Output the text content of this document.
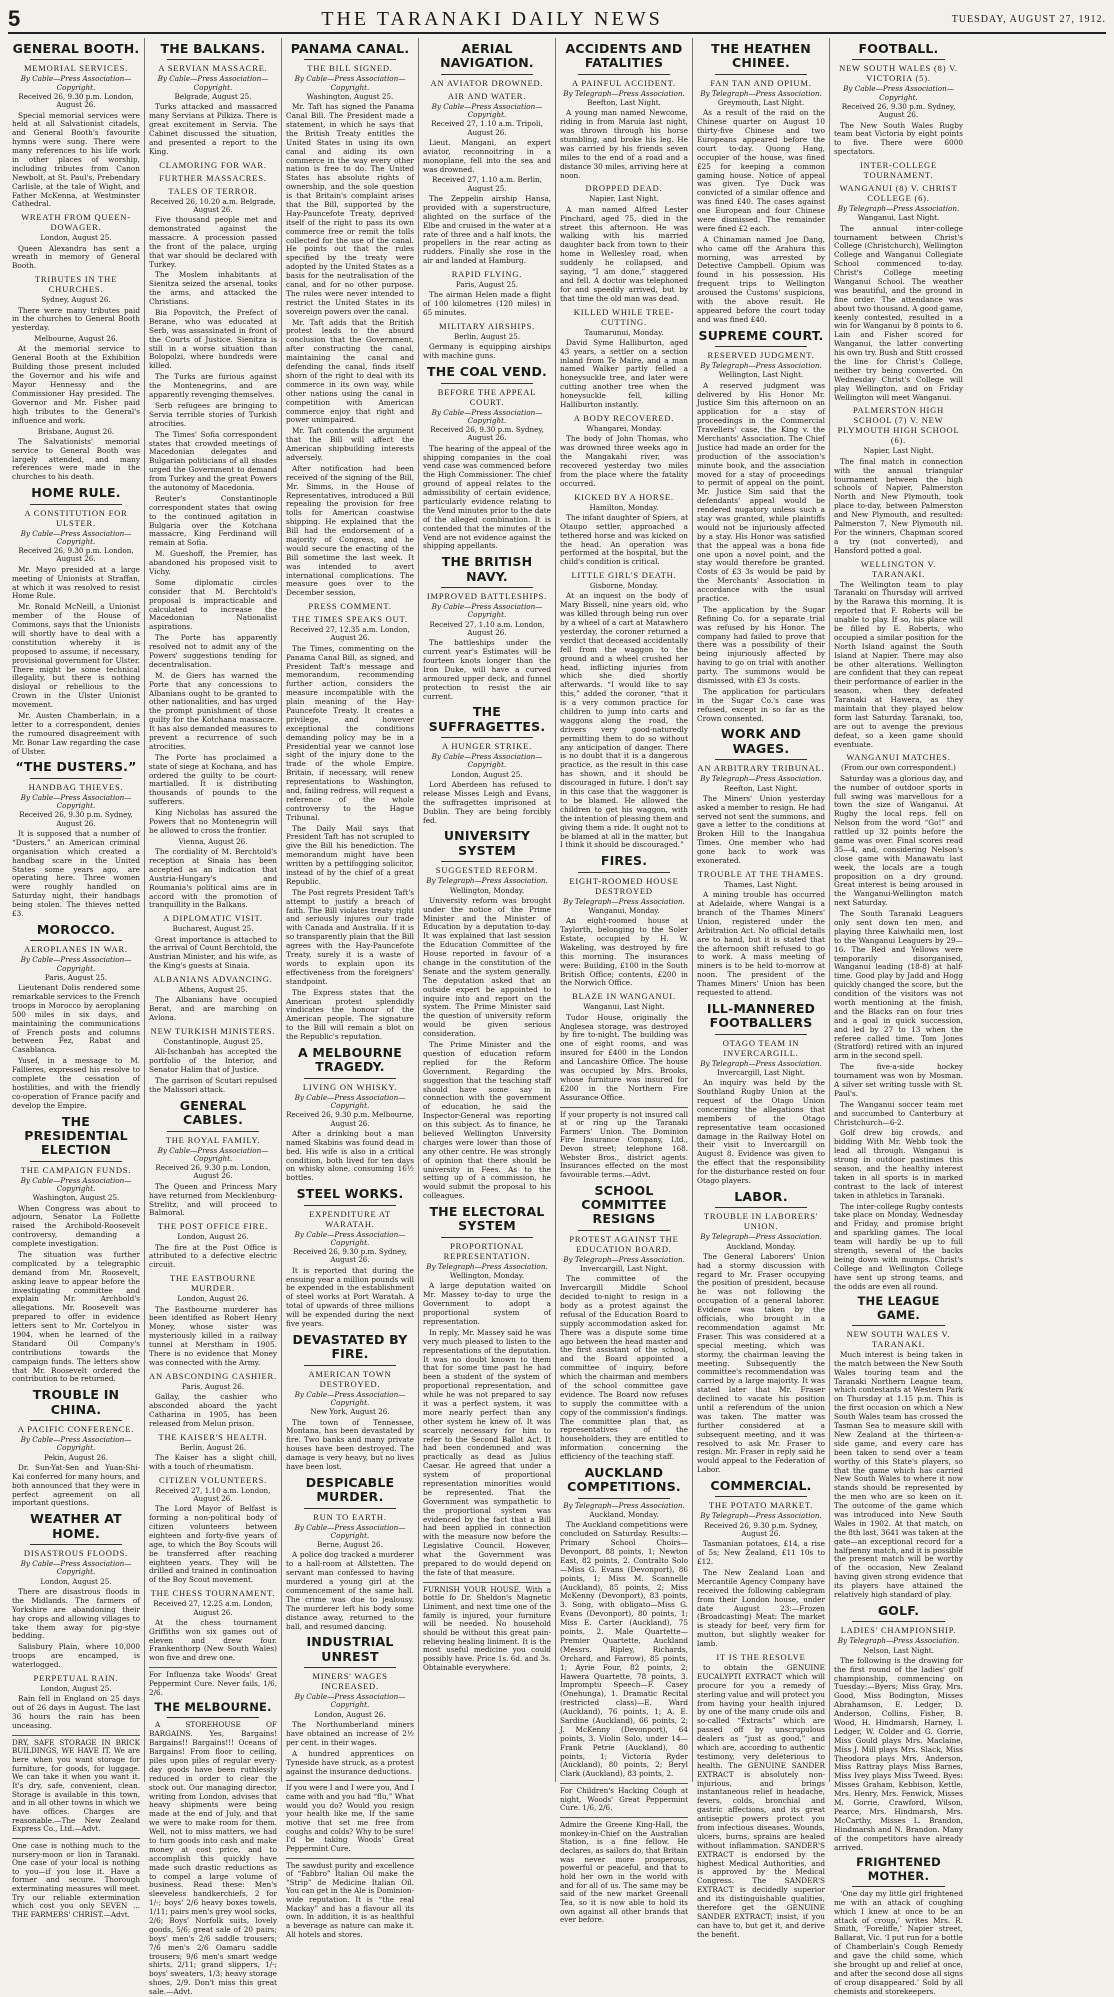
5	THE TARANAKI DAILY NEWS	TUESDAY, AUGUST 27, 1912.
GENERAL BOOTH.
MEMORIAL SERVICES.
By Cable—Press Association—Copyright.
Received 26, 9.30 p.m. London, August 26.

Special memorial services were held at all Salvationist citadels, and General Booth's favourite hymns were sung. There were many references to his life work in other places of worship, including tributes from Canon Newbolt, at St. Paul's, Prebendary Carlisle, at the tale of Wight, and Father McKenna, at Westminster Cathedral.

WREATH FROM QUEEN-DOWAGER.
London, August 25.

Queen Alexandra has sent a wreath in memory of General Booth.

TRIBUTES IN THE CHURCHES.
Sydney, August 26.

There were many tributes paid in the churches to General Booth yesterday.

Melbourne, August 26.

At the memorial service to General Booth at the Exhibition Building those present included the Governor and his wife and Mayor Hennessy and the Commissioner Hay presided. The Governor and Mr. Fisher paid high tributes to the General's influence and work.

Brisbane, August 26.

The Salvationists' memorial service to General Booth was largely attended, and many references were made in the churches to his death.

HOME RULE.
A CONSTITUTION FOR ULSTER.
By Cable—Press Association—Copyright.
Received 26, 9.30 p.m. London, August 26.

Mr. Mayo presided at a large meeting of Unionists at Straffan, at which it was resolved to resist Home Rule.

Mr. Ronald McNeill, a Unionist member of the House of Commons, says that the Unionists will shortly have to deal with a constitution whereby it is proposed to assume, if necessary, provisional government for Ulster. There might be some technical illegality, but there is nothing disloyal or rebellious to the Crown in the Ulster Unionist movement.

Mr. Austen Chamberlain, in a letter to a correspondent, denies the rumoured disagreement with Mr. Bonar Law regarding the case of Ulster.

“THE DUSTERS.”
HANDBAG THIEVES.
By Cable—Press Association—Copyright.
Received 26, 9.30 p.m. Sydney, August 26.

It is supposed that a number of “Dusters,” an American criminal organisation which created a handbag scare in the United States some years ago, are operating here. Three women were roughly handled on Saturday night, their handbags being stolen. The thieves netted £3.

MOROCCO.
AEROPLANES IN WAR.
By Cable—Press Association—Copyright.
Paris, August 25.

Lieutenant Dolis rendered some remarkable services to the French troops in Morocco by aeroplaning 500 miles in six days, and maintaining the communications of French posts and columns between Fez, Rabat and Casablanca.

Yusef, in a message to M. Fallieres, expressed his resolve to complete the cessation of hostilities, and with the friendly co-operation of France pacify and develop the Empire.

THE PRESIDENTIAL ELECTION
THE CAMPAIGN FUNDS.
By Cable—Press Association—Copyright.
Washington, August 25.

When Congress was about to adjourn, Senator La Follette raised the Archibold-Roosevelt controversy, demanding a complete investigation.

The situation was further complicated by a telegraphic demand from Mr. Roosevelt, asking leave to appear before the investigating committee and explain Mr. Archbold's allegations. Mr. Roosevelt was prepared to offer in evidence letters sent to Mr. Cortelyou in 1904, when he learned of the Standard Oil Company's contributions towards the campaign funds. The letters show that Mr. Roosevelt ordered the contribution to be returned.

TROUBLE IN CHINA.
A PACIFIC CONFERENCE.
By Cable—Press Association—Copyright.
Pekin, August 26.

Dr. Sun-Yat-Sen and Yuan-Shi-Kai conferred for many hours, and both announced that they were in perfect agreement on all important questions.

WEATHER AT HOME.
DISASTROUS FLOODS.
By Cable—Press Association—Copyright.
London, August 25.

There are disastrous floods in the Midlands. The farmers of Yorkshire are abandoning their hay crops and allowing villages to take them away for pig-stye bedding.

Salisbury Plain, where 10,000 troops are encamped, is waterlogged.

PERPETUAL RAIN.
London, August 25.

Rain fell in England on 25 days out of 26 days in August. The last 36 hours the rain has been unceasing.

DRY, SAFE STORAGE IN BRICK BUILDINGS, WE HAVE IT. We are here when you want storage for furniture, for goods, for luggage. We can take it when you want it. It's dry, safe, convenient, clean. Storage is available in this town, and in all other towns in which we have offices. Charges are reasonable.—The New Zealand Express Co., Ltd.—Advt.

One case is nothing much to the nursery-moon or lion in Taranaki. One case of your local is nothing to you—if you lose it. Have a former and secure. Thorough exterminating measures will meet. Try our reliable extermination which cost you only SEVEN ... THE FARMERS' CHRIST.—Advt.

THE BALKANS.
A SERVIAN MASSACRE.
By Cable—Press Association—Copyright.
Belgrade, August 25.

Turks attacked and massacred many Servians at Pilkiza. There is great excitement in Servia. The Cabinet discussed the situation, and presented a report to the King.

CLAMORING FOR WAR.
FURTHER MASSACRES.
TALES OF TERROR.
Received 26, 10.20 a.m. Belgrade, August 26.

Five thousand people met and demonstrated against the massacre. A procession passed the front of the palace, urging that war should be declared with Turkey.

The Moslem inhabitants at Sienitza seized the arsenal, tooks the arms, and attacked the Christians.

Bia Popovitch, the Prefect of Berane, who was educated at Serb, was assassinated in front of the Courts of Justice. Sienitza is still in a worse situation than Bolopolzi, where hundreds were killed.

The Turks are furious against the Montenegrins, and are apparently revenging themselves.

Serb refugees are bringing to Servia terrible stories of Turkish atrocities.

The Times' Sofia correspondent states that crowded meetings of Macedonian delegates and Bulgarian politicians of all shades urged the Government to demand from Turkey and the great Powers the autonomy of Macedonia.

Reuter's Constantinople correspondent states that owing to the continued agitation in Bulgaria over the Kotchana massacre, King Ferdinand will remain at Sofia.

M. Gueshoff, the Premier, has abandoned his proposed visit to Vichy.

Some diplomatic circles consider that M. Berchtold's proposal is impracticable and calculated to increase the Macedonian Nationalist aspirations.

The Porte has apparently resolved not to admit any of the Powers' suggestions tending for decentralisation.

M. de Giers has warned the Porte that any concessions to Albanians ought to be granted to other nationalities, and has urged the prompt punishment of those guilty for the Kotchana massacre. It has also demanded measures to prevent a recurrence of such atrocities.

The Porte has proclaimed a state of siege at Kochana, and has ordered the guilty to be court-martialled. It is distributing thousands of pounds to the sufferers.

King Nicholas has assured the Powers that no Montenegrin will be allowed to cross the frontier.

Vienna, August 26.

The cordiality of M. Berchtold's reception at Sinaia has been accepted as an indication that Austria-Hungary's and Roumania's political aims are in accord with the promotion of tranquillity in the Balkans.

A DIPLOMATIC VISIT.
Bucharest, August 25.

Great importance is attached to the arrival of Count Berchtold, the Austrian Minister, and his wife, as the King's guests at Sinaia.

ALBANIANS ADVANCING.
Athens, August 25.

The Albanians have occupied Berat, and are marching on Avlona.

NEW TURKISH MINISTERS.
Constantinople, August 25.

Ali-Ischanbah has accepted the portfolio of the Interior, and Senator Halim that of Justice.

The garrison of Scutari repulsed the Malissori attack.

GENERAL CABLES.
THE ROYAL FAMILY.
By Cable—Press Association—Copyright.
Received 26, 9.30 p.m. London, August 26.

The Queen and Princess Mary have returned from Mecklenburg-Strelitz, and will proceed to Balmoral.

THE POST OFFICE FIRE.
London, August 26.

The fire at the Post Office is attributed to a defective electric circuit.

THE EASTBOURNE MURDER.
London, August 26.

The Eastbourne murderer has been identified as Robert Henry Money, whose sister was mysteriously killed in a railway tunnel at Merstham in 1905. There is no evidence that Money was connected with the Army.

AN ABSCONDING CASHIER.
Paris, August 26.

Gallay, the cashier who absconded aboard the yacht Catharina in 1905, has been released from Melun prison.

THE KAISER'S HEALTH.
Berlin, August 26.

The Kaiser has a slight chill, with a touch of rheumatism.

CITIZEN VOLUNTEERS.
Received 27, 1.10 a.m. London, August 26.

The Lord Mayor of Belfast is forming a non-political body of citizen volunteers between eighteen and forty-five years of age, to which the Boy Scouts will be transferred after reaching eighteen years. They will be drilled and trained in continuation of the Boy Scout movement.

THE CHESS TOURNAMENT.
Received 27, 12.25 a.m. London, August 26.

At the chess tournament Griffiths won six games out of eleven and drew four. Frankenthorp (New South Wales) won five and drew one.

For Influenza take Woods' Great Peppermint Cure. Never fails, 1/6, 2/6.

THE MELBOURNE.

A STOREHOUSE OF BARGAINS. Yes, Bargains! Bargains!! Bargains!!! Oceans of Bargains! From floor to ceiling, piles upon piles of regular every-day goods have been ruthlessly reduced in order to clear the stock out. Our managing director, writing from London, advises that heavy shipments were being made at the end of July, and that we were to make room for them. Well, not to miss matters, we had to turn goods into cash and make money at cost price, and to accomplish this quickly have made such drastic reductions as to compel a large volume of business. Read these: Men's sleeveless handkerchiefs, 2 for 1/-; boys' 2/6 heavy boxes towels, 1/11; pairs men's grey wool socks, 2/6; Boys' Norfolk suits, lovely goods, 5/6; great sale of 20 pairs; boys' men's 2/6 saddle trousers; 7/6 men's 2/6 Oamaru saddle trousers; 9/6 men's smart wedge shirts, 2/11; grand slippers, 1/-; boys' sweaters, 1/3; heavy storage shoes, 2/9. Don't miss this great sale.—Advt.

PANAMA CANAL.
THE BILL SIGNED.
By Cable—Press Association—Copyright.
Washington, August 25.

Mr. Taft has signed the Panama Canal Bill. The President made a statement, in which he says that the British Treaty entitles the United States in using its own canal and aiding its own commerce in the way every other nation is free to do. The United States has absolute rights of ownership, and the sole question is that Britain's complaint arises that the Bill, supported by the Hay-Pauncefote Treaty, deprived itself of the right to pass its own commerce free or remit the tolls collected for the use of the canal. He points out that the rules specified by the treaty were adopted by the United States as a basis for the neutralisation of the canal, and for no other purpose. The rules were never intended to restrict the United States in its sovereign powers over the canal.

Mr. Taft adds that the British protest leads to the absurd conclusion that the Government, after constructing the canal, maintaining the canal and defending the canal, finds itself shorn of the right to deal with its commerce in its own way, while other nations using the canal in competition with American commerce enjoy that right and power unimpaired.

Mr. Taft contends the argument that the Bill will affect the American shipbuilding interests adversely.

After notification had been received of the signing of the Bill, Mr. Simms, in the House of Representatives, introduced a Bill repealing the provision for free tolls for American coastwise shipping. He explained that the Bill had the endorsement of a majority of Congress, and he would secure the enacting of the Bill sometime the last week. It was intended to avert international complications. The measure goes over to the December session.

PRESS COMMENT.
THE TIMES SPEAKS OUT.
Received 27, 12.35 a.m. London, August 26.

The Times, commenting on the Panama Canal Bill, as signed, and President Taft's message and memorandum, recommending further action, considers the measure incompatible with the plain meaning of the Hay-Pauncefote Treaty. It creates a privilege, and however exceptional the conditions demanding policy may be in a Presidential year we cannot lose sight of the injury done to the trade of the whole Empire. Britain, if necessary, will renew representations to Washington, and, failing redress, will request a reference of the whole controversy to the Hague Tribunal.

The Daily Mail says that President Taft has not scrupled to give the Bill his benediction. The memorandum might have been written by a pettifogging solicitor, instead of by the chief of a great Republic.

The Post regrets President Taft's attempt to justify a breach of faith. The Bill violates treaty right and seriously injures our trade with Canada and Australia. If it is so transparently plain that the Bill agrees with the Hay-Pauncefote Treaty, surely it is a waste of words to explain upon its effectiveness from the foreigners' standpoint.

The Express states that the American protest splendidly vindicates the honour of the American people. The signature to the Bill will remain a blot on the Republic's reputation.

A MELBOURNE TRAGEDY.
LIVING ON WHISKY.
By Cable—Press Association—Copyright.
Received 26, 9.30 p.m. Melbourne, August 26.

After a drinking bout a man named Skabins was found dead in bed. His wife is also in a critical condition, both lived for ten days on whisky alone, consuming 16½ bottles.

STEEL WORKS.
EXPENDITURE AT WARATAH.
By Cable—Press Association—Copyright.
Received 26, 9.30 p.m. Sydney, August 26.

It is reported that during the ensuing year a million pounds will be expended in the establishment of steel works at Port Waratah. A total of upwards of three millions will be expended during the next five years.

DEVASTATED BY FIRE.
AMERICAN TOWN DESTROYED.
By Cable—Press Association—Copyright.
New York, August 26.

The town of Tennessee, Montana, has been devastated by fire. Two banks and many private houses have been destroyed. The damage is very heavy, but no lives have been lost.

DESPICABLE MURDER.
RUN TO EARTH.
By Cable—Press Association—Copyright.
Berne, August 26.

A police dog tracked a murderer to a hall-room at Allstetten. The servant man confessed to having murdered a young girl at the commencement of the same hall. The crime was due to jealousy. The murderer left his body some distance away, returned to the ball, and resumed dancing.

INDUSTRIAL UNREST
MINERS' WAGES INCREASED.
By Cable—Press Association—Copyright.
London, August 26.

The Northumberland miners have obtained an increase of 2½ per cent. in their wages.

A hundred apprentices on Tyneside have struck, as a protest against the insurance deductions.

If you were I and I were you, And I came with and you had “flu,” What would you do? Would you resign your health like me, If the same motive that set me free from coughs and colds? Why to be sure! I'd be taking Woods' Great Peppermint Cure.

The sawdust purity and excellence of “Fabbro” Italian Oil make the “Strip” de Medicine Italian Oil. You can get in the Ale is Dominion-wide reputation. It is “the real Mackay” and has a flavour all its own. In addition, it is as healthful a beverage as nature can make it. All hotels and stores.

AERIAL NAVIGATION.
AN AVIATOR DROWNED.
AIR AND WATER.
By Cable—Press Association—Copyright.
Received 27, 1.10 a.m. Tripoli, August 26.

Lieut. Mangani, an expert aviator, reconnoitring in a monoplane, fell into the sea and was drowned.

Received 27, 1.10 a.m. Berlin, August 25.

The Zeppelin airship Hansa, provided with a superstructure, alighted on the surface of the Elbe and cruised in the water at a rate of three and a half knots, the propellers in the rear acting as rudders. Finally she rose in the air and landed at Hamburg.

RAPID FLYING.
Paris, August 25.

The airman Helen made a flight of 100 kilometres (120 miles) in 65 minutes.

MILITARY AIRSHIPS.
Berlin, August 25.

Germany is equipping airships with machine guns.

THE COAL VEND.
BEFORE THE APPEAL COURT.
By Cable—Press Association—Copyright.
Received 26, 9.30 p.m. Sydney, August 26.

The hearing of the appeal of the shipping companies in the coal vend case was commenced before the High Commissioner. The chief ground of appeal relates to the admissibility of certain evidence, particularly evidence relating to the Vend minutes prior to the date of the alleged combination. It is contended that the minutes of the Vend are not evidence against the shipping appellants.

THE BRITISH NAVY.
IMPROVED BATTLESHIPS.
By Cable—Press Association—Copyright.
Received 27, 1.10 a.m. London, August 26.

The battleships under the current year's Estimates will be fourteen knots longer than the Iron Duke, will have a curved armoured upper deck, and funnel protection to resist the air current.

THE SUFFRAGETTES.
A HUNGER STRIKE.
By Cable—Press Association—Copyright.
London, August 25.

Lord Aberdeen has refused to release Misses Leigh and Evans, the suffragettes imprisoned at Dublin. They are being forcibly fed.

UNIVERSITY SYSTEM
SUGGESTED REFORM.
By Telegraph—Press Association.
Wellington, Monday.

University reform was brought under the notice of the Prime Minister and the Minister of Education by a deputation to-day. It was explained that last session the Education Committee of the House reported in favour of a change in the constitution of the Senate and the system generally. The deputation asked that an outside expert be appointed to inquire into and report on the system. The Prime Minister said the question of university reform would be given serious consideration.

The Prime Minister and the question of education reform replied for the Reform Government. Regarding the suggestion that the teaching staff should have some say in connection with the government of education, he said the Inspector-General was reporting on this subject. As to finance, he believed Wellington University charges were lower than those of any other centre. He was strongly of opinion that there should be university in Fees. As to the setting up of a commission, he would submit the proposal to his colleagues.

THE ELECTORAL SYSTEM
PROPORTIONAL REPRESENTATION.
By Telegraph—Press Association.
Wellington, Monday.

A large deputation waited on Mr. Massey to-day to urge the Government to adopt a proportional system of representation.

In reply, Mr. Massey said he was very much pleased to listen to the representations of the deputation. It was no doubt known to them that for some time past he had been a student of the system of proportional representation, and while he was not prepared to say it was a perfect system, it was more nearly perfect than any other system he knew of. It was scarcely necessary for him to refer to the Second Ballot Act. It had been condemned and was practically as dead as Julius Caesar. He agreed that under a system of proportional representation minorities would be represented. That the Government was sympathetic to the proportional system was evidenced by the fact that a Bill had been applied in connection with the measure now before the Legislative Council. However, what the Government was prepared to do would depend on the fate of that measure.

FURNISH YOUR HOUSE. With a bottle fo Dr. Sheldon's Magnetic Liniment, and next time one of the family is injured, your furniture will be needed. No household should be without this great pain-relieving healing liniment. It is the most useful medicine you could possibly have. Price 1s. 6d. and 3s. Obtainable everywhere.

ACCIDENTS AND FATALITIES
A PAINFUL ACCIDENT.
By Telegraph—Press Association.
Beefton, Last Night.

A young man named Newcome, riding in from Maruia last night, was thrown through his horse stumbling, and broke his leg. He was carried by his friends seven miles to the end of a road and a distance 30 miles, arriving here at noon.

DROPPED DEAD.
Napier, Last Night.

A man named Alfred Lester Pinchard, aged 75, died in the street this afternoon. He was walking with his married daughter back from town to their home in Wellesley road, when suddenly he collapsed, and saying, “I am done,” staggered and fell. A doctor was telephoned for and speedily arrived, but by that time the old man was dead.

KILLED WHILE TREE-CUTTING.
Taumarunui, Monday.

David Syme Halliburton, aged 43 years, a settler on a section inland from Te Maire, and a man named Walker partly felled a honeysuckle tree, and later were cutting another tree when the honeysuckle fell, killing Halliburton instantly.

A BODY RECOVERED.
Whangarei, Monday.

The body of John Thomas, who was drowned three weeks ago in the Mangakahi river, was recovered yesterday two miles from the place where the fatality occurred.

KICKED BY A HORSE.
Hamilton, Monday.

The infant daughter of Spiers, at Otaupo settler, approached a tethered horse and was kicked on the head. An operation was performed at the hospital, but the child's condition is critical.

LITTLE GIRL'S DEATH.
Gisborne, Monday.

At an inquest on the body of Mary Bissell, nine years old, who was killed through being run over by a wheel of a cart at Matawhero yesterday, the coroner returned a verdict that deceased accidentally fell from the waggon to the ground and a wheel crushed her head, inflicting injuries from which she died shortly afterwards. “I would like to say this,” added the coroner, “that it is a very common practice for children to jump into carts and waggons along the road, the drivers very good-naturedly permitting them to do so without any anticipation of danger. There is no doubt that it is a dangerous practice, as the result in this case has shown, and it should be discouraged in future. I don't say in this case that the waggoner is to be blamed. He allowed the children to get his waggon, with the intention of pleasing them and giving them a ride. It ought not to be blamed at all in the matter, but I think it should be discouraged.”

FIRES.
EIGHT-ROOMED HOUSE DESTROYED
By Telegraph—Press Association.
Wanganui, Monday.

An eight-roomed house at Taylorth, belonging to the Soler Estate, occupied by H. W. Wakeling, was destroyed by fire this morning. The insurances were: Building, £100 in the South British Office; contents, £200 in the Norwich Office.

BLAZE IN WANGANUI.
Wanganui, Last Night.

Tudor House, originally the Anglesea storage, was destroyed by fire to-night. The building was one of eight rooms, and was insured for £400 in the London and Lancashire Office. The house was occupied by Mrs. Brooks, whose furniture was insured for £200 in the Northern Fire Assurance Office.

If your property is not insured call at or ring up the Taranaki Farmers' Union. The Dominion Fire Insurance Company, Ltd., Devon street; telephone 168. Webster Bros., district agents. Insurances effected on the most favourable terms.—Advt.

SCHOOL COMMITTEE RESIGNS
PROTEST AGAINST THE EDUCATION BOARD.
By Telegraph—Press Association.
Invercargill, Last Night.

The committee of the Invercargill Middle School decided to-night to resign in a body as a protest against the refusal of the Education Board to supply accommodation asked for. There was a dispute some time ago between the head master and the first assistant of the school, and the Board appointed a committee of inquiry, before which the chairman and members of the school committee gave evidence. The Board now refuses to supply the committee with a copy of the commission's findings. The committee plan that, as representatives of the householders, they are entitled to information concerning the efficiency of the teaching staff.

AUCKLAND COMPETITIONS.
By Telegraph—Press Association.
Auckland, Monday.

The Auckland competitions were concluded on Saturday. Results:— Primary School Choirs—Devonport, 88 points, 1; Newton East, 82 points, 2. Contralto Solo—Miss G. Evans (Devonport), 86 points, 1; Miss M. Scannelle (Auckland), 85 points, 2; Miss McKenny (Devonport), 83 points, 3. Song, with obligato—Miss G. Evans (Devonport), 80 points, 1; Miss E. Carter (Auckland), 75 points, 2. Male Quartette—Premier Quartette, Auckland (Messrs. Ripley, Richards, Orchard, and Farrow), 85 points, 1; Ayrie Four, 82 points, 2; Hawera Quartette, 78 points, 3. Impromptu Speech—F. Casey (Onehunga), 1. Dramatic Recital (restricted class)—E. Ward (Auckland), 76 points, 1; A. E. Sardine (Auckland), 66 points, 2; J. McKenny (Devonport), 64 points, 3. Violin Solo, under 14—Frank Petrie (Auckland), 80 points, 1; Victoria Ryder (Auckland), 80 points, 2; Beryl Clark (Auckland), 83 points, 2.

For Children's Hacking Cough at night, Woods' Great Peppermint Cure. 1/6, 2/6.

Admire the Greene King-Hall, the monkey-in-Chief on the Australian Station, is a fine fellow. He declares, as sailors do, that Britain was never more prosperous, powerful or peaceful, and that to hold her own in the world with and for all of us. The same may be said of the new market Greenall Tea, so it is now able to hold its own against all other brands that ever before.

THE HEATHEN CHINEE.
FAN TAN AND OPIUM.
By Telegraph—Press Association.
Greymouth, Last Night.

As a result of the raid on the Chinese quarter on August 10 thirty-five Chinese and two Europeans appeared before the court to-day. Quong Hang, occupier of the house, was fined £25 for keeping a common gaming house. Notice of appeal was given. Tye Duck was convicted of a similar offence and was fined £40. The cases against one European and four Chinese were dismissed. The remainder were fined £2 each.

A Chinaman named Joe Dang, who came off the Arahura this morning, was arrested by Detective Campbell. Opium was found in his possession. His frequent trips to Wellington aroused the Customs' suspicions, with the above result. He appeared before the court today and was fined £40.

SUPREME COURT.
RESERVED JUDGMENT.
By Telegraph—Press Association.
Wellington, Last Night.

A reserved judgment was delivered by His Honor Mr. Justice Sim this afternoon on an application for a stay of proceedings in the Commercial Travellers' case, the King v. the Merchants' Association. The Chief Justice had made an order for the production of the association's minute book, and the association moved for a stay of proceedings to permit of appeal on the point. Mr. Justice Sim said that the defendants' appeal would be rendered nugatory unless such a stay was granted, while plaintiffs would not be injuriously affected by a stay. His Honor was satisfied that the appeal was a bona fide one upon a novel point, and the stay would therefore be granted. Costs of £3 3s would be paid by the Merchants' Association in accordance with the usual practice.

The application by the Sugar Refining Co. for a separate trial was refused by his Honor. The company had failed to prove that there was a possibility of their being injuriously affected by having to go on trial with another party. The summons would be dismissed, with £3 3s costs.

The application for particulars in the Sugar Co.'s case was refused, except in so far as the Crown consented.

WORK AND WAGES.
AN ARBITRARY TRIBUNAL.
By Telegraph—Press Association.
Reefton, Last Night.

The Miners' Union yesterday asked a member to resign. He had served not sent the summons, and gave a letter to the conditions at Broken Hill to the Inangahua Times. One member who had gone back to work was exonerated.

TROUBLE AT THE THAMES.
Thames, Last Night.

A mining trouble has occurred at Adelaide, where Wangai is a branch of the Thames Miners' Union, registered under the Arbitration Act. No official details are to hand, but it is stated that the afternoon shift refused to go to work. A mass meeting of miners is to be held to-morrow at noon. The president of the Thames Miners' Union has been requested to attend.

ILL-MANNERED FOOTBALLERS
OTAGO TEAM IN INVERCARGILL.
By Telegraph—Press Association.
Invercargill, Last Night.

An inquiry was held by the Southland Rugby Union at the request of the Otago Union concerning the allegations that members of the Otago representative team occasioned damage in the Railway Hotel on their visit to Invercargill on August 8. Evidence was given to the effect that the responsibility for the disturbance rested on four Otago players.

LABOR.
TROUBLE IN LABORERS' UNION.
By Telegraph—Press Association.
Auckland, Monday.

The General Laborers' Union had a stormy discussion with regard to Mr. Fraser occupying the position of president, because he was not following the occupation of a general laborer. Evidence was taken by the officials, who brought in a recommendation against Mr. Fraser. This was considered at a special meeting, which was stormy, the chairman leaving the meeting. Subsequently the committee's recommendation was carried by a large majority. It was stated later that Mr. Fraser declined to vacate his position until a referendum of the union was taken. The matter was further considered at a subsequent meeting, and it was resolved to ask Mr. Fraser to resign. Mr. Fraser in reply said he would appeal to the Federation of Labor.

COMMERCIAL.
THE POTATO MARKET.
By Telegraph—Press Association.
Received 26, 9.30 p.m. Sydney, August 26.

Tasmanian potatoes, £14, a rise of 5s; New Zealand, £11 10s to £12.

The New Zealand Loan and Mercantile Agency Company have received the following cablegram from their London house, under date August 23:—Frozen (Broadcasting) Meat: The market is steady for beef, very firm for mutton, but slightly weaker for lamb.

IT IS THE RESOLVE

to obtain the GENUINE EUCALYPTI EXTRACT which will procure for you a remedy of sterling value and will protect you from having your health injured by one of the many crude oils and so-called “Extracts” which are passed off by unscrupulous dealers as “just as good,” and which are, according to authentic testimony, very deleterious to health. The GENUINE SANDER EXTRACT is absolutely non-injurious, and brings instantaneous relief in headache, fevers, colds, bronchial and gastric affections, and its great antiseptic powers protect you from infectious diseases. Wounds, ulcers, burns, sprains are healed without inflammation. SANDER'S EXTRACT is endorsed by the highest Medical Authorities, and is approved by the Medical Congress. The SANDER'S EXTRACT is decidedly superior and its distinguishable qualities, therefore get the GENUINE SANDER EXTRACT; insist, if you can have to, but get it, and derive the benefit.

FOOTBALL.
NEW SOUTH WALES (8) V. VICTORIA (5).
By Cable—Press Association—Copyright.
Received 26, 9.30 p.m. Sydney, August 26.

The New South Wales Rugby team beat Victoria by eight points to five. There were 6000 spectators.

INTER-COLLEGE TOURNAMENT.
WANGANUI (8) V. CHRIST COLLEGE (6).
By Telegraph—Press Association.
Wanganui, Last Night.

The annual inter-college tournament between Christ's College (Christchurch), Wellington College and Wanganui Collegiate School commenced to-day. Christ's College meeting Wanganui School. The weather was beautiful, and the ground in fine order. The attendance was about two thousand. A good game, keenly contested, resulted in a win for Wanganui by 8 points to 6. Lain and Fisher scored for Wanganui, the latter converting his own try. Bush and Stitt crossed the line for Christ's College, neither try being converted. On Wednesday Christ's College will play Wellington, and on Friday Wellington will meet Wanganui.

PALMERSTON HIGH SCHOOL (7) V. NEW PLYMOUTH HIGH SCHOOL (6).
Napier, Last Night.

The final match in connection with the annual triangular tournament between the high schools of Napier, Palmerston North and New Plymouth, took place to-day, between Palmerston and New Plymouth, and resulted: Palmerston 7, New Plymouth nil. For the winners, Chapman scored a try (not converted), and Hansford potted a goal.

WELLINGTON V. TARANAKI.

The Wellington team to play Taranaki on Thursday will arrived by the Rarawa this morning. It is reported that F. Roberts will be unable to play. If so, his place will be filled by E. Roberts, who occupied a similar position for the North Island against the South Island at Napier. There may also be other alterations. Wellington are confident that they can repeat their performance of earlier in the season, when they defeated Taranaki at Hawera, as they maintain that they played below form last Saturday. Taranaki, too, are out to avenge the previous defeat, so a keen game should eventuate.

WANGANUI MATCHES.
(From our own correspondent.)

Saturday was a glorious day, and the number of outdoor sports in full swing was marvellous for a town the size of Wanganui. At Rugby the local reps. fell on Nelson from the word “Go!” and rattled up 32 points before the game was over. Final scores read 35—4, and, considering Nelson's close game with Manawatu last week, the locals are a tough proposition on a dry ground. Great interest is being aroused in the Wanganui-Wellington match next Saturday.

The South Taranaki Leaguers only sent down ten men, and playing three Kaiwhaiki men, lost to the Wanganui Leaguers by 29—16. The Red and Yellows were temporarily disorganised, Wanganui leading (18-8) at half-time. Good play by Jadd and Hogg quickly changed the score, but the condition of the visitors was not worth mentioning at the finish, and the Blacks ran on four tries and a goal in quick succession, and led by 27 to 13 when the referee called time. Tom Jones (Stratford) retired with an injured arm in the second spell.

The five-a-side hockey tournament was won by Mosman. A silver set writing tussle with St. Paul's.

The Wanganui soccer team met and succumbed to Canterbury at Christchurch—6-2.

Golf drew big crowds, and bidding With Mr. Webb took the lead all through. Wanganui is strong in outdoor pastimes this season, and the healthy interest taken in all sports is in marked contrast to the lack of interest taken in athletics in Taranaki.

The inter-college Rugby contests take place on Monday, Wednesday and Friday, and promise bright and sparkling games. The local team will hardly be up to full strength, several of the backs being down with mumps. Christ's College and Wellington College have sent up strong teams, and the odds are even all round.

THE LEAGUE GAME.
NEW SOUTH WALES V. TARANAKI.

Much interest is being taken in the match between the New South Wales touring team and the Taranaki Northern League team, which contestants at Western Park on Thursday at 1.15 p.m. This is the first occasion on which a New South Wales team has crossed the Tasman Sea to measure skill with New Zealand at the thirteen-a-side game, and every care has been taken to send over a team worthy of this State's players, so that the game which has carried New South Wales to where it now stands should be represented by the men who are so keen on it. The outcome of the game which was introduced into New South Wales in 1902. At that match, on the 8th last, 3641 was taken at the gate—an exceptional record for a halfpenny match, and it is possible the present match will be worthy of the occasion, New Zealand having given strong evidence that its players have attained the relatively high standard of play.

GOLF.
LADIES' CHAMPIONSHIP.
By Telegraph—Press Association.
Nelson, Last Night.

The following is the drawing for the first round of the ladies' golf championship, commencing on Tuesday:—Byers; Miss Gray, Mrs. Good, Miss Bodington, Misses Abrahamson, E. Ledger, D. Anderson, Collins, Fisher, B. Wood, H. Hindmarsh, Harney, I. Ledger, W. Colder and G. Gorrie, Miss Gould plays Mrs. Maclaine, Miss J. Mill plays Mrs. Slack, Miss Theodora plays Mrs. Anderson, Miss Rattray plays Miss Barnes, Miss Ivey plays Miss Tweed. Byes: Misses Graham, Kebbison, Kettle, Mrs. Henry, Mrs. Fenwick, Misses M. Gorrie, Crawford, Wilson, Pearce, Mrs. Hindmarsh, Mrs. McCarthy, Misses L. Brandon, Hindmarsh and N. Brandon. Many of the competitors have already arrived.

FRIGHTENED MOTHER.

‘One day my little girl frightened me with an attack of coughing which I knew at once to be an attack of croup,’ writes Mrs. R. Smith, ‘Foreliffe,’ Napier street, Ballarat, Vic. ‘I put run for a bottle of Chamberlain's Cough Remedy and gave the child some, which she brought up and relief at once, and after the second dose all signs of croup disappeared.’ Sold by all chemists and storekeepers.
